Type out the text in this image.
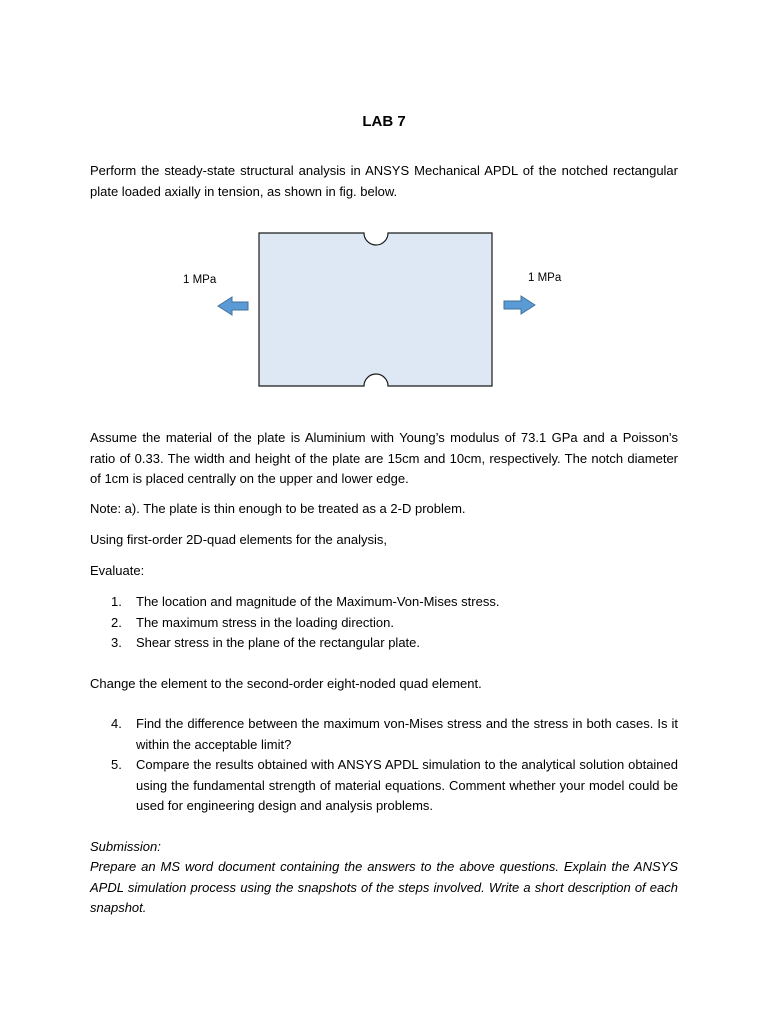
LAB 7
Perform the steady-state structural analysis in ANSYS Mechanical APDL of the notched rectangular plate loaded axially in tension, as shown in fig. below.
1 MPa	1 MPa
Assume the material of the plate is Aluminium with Young’s modulus of 73.1 GPa and a Poisson's ratio of 0.33. The width and height of the plate are 15cm and 10cm, respectively. The notch diameter of 1cm is placed centrally on the upper and lower edge.
Note: a). The plate is thin enough to be treated as a 2-D problem.
Using first-order 2D-quad elements for the analysis,
Evaluate:
1. The location and magnitude of the Maximum-Von-Mises stress.
2. The maximum stress in the loading direction.
3. Shear stress in the plane of the rectangular plate.
Change the element to the second-order eight-noded quad element.
4. Find the difference between the maximum von-Mises stress and the stress in both cases. Is it within the acceptable limit?
5. Compare the results obtained with ANSYS APDL simulation to the analytical solution obtained using the fundamental strength of material equations. Comment whether your model could be used for engineering design and analysis problems.
Submission:
Prepare an MS word document containing the answers to the above questions. Explain the ANSYS APDL simulation process using the snapshots of the steps involved. Write a short description of each snapshot.
